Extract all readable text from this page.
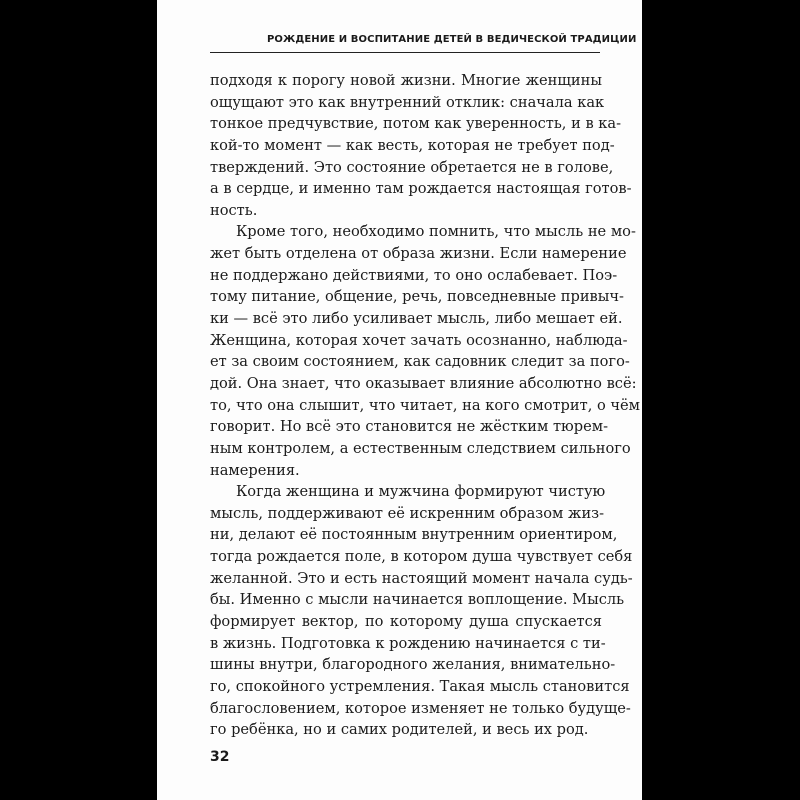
РОЖДЕНИЕ И ВОСПИТАНИЕ ДЕТЕЙ В ВЕДИЧЕСКОЙ ТРАДИЦИИ
подходя к порогу новой жизни. Многие женщины
ощущают это как внутренний отклик: сначала как
тонкое предчувствие, потом как уверенность, и в ка-
кой-то момент — как весть, которая не требует под-
тверждений. Это состояние обретается не в голове,
а в сердце, и именно там рождается настоящая готов-
ность.
Кроме того, необходимо помнить, что мысль не мо-
жет быть отделена от образа жизни. Если намерение
не поддержано действиями, то оно ослабевает. Поэ-
тому питание, общение, речь, повседневные привыч-
ки — всё это либо усиливает мысль, либо мешает ей.
Женщина, которая хочет зачать осознанно, наблюда-
ет за своим состоянием, как садовник следит за пого-
дой. Она знает, что оказывает влияние абсолютно всё:
то, что она слышит, что читает, на кого смотрит, о чём
говорит. Но всё это становится не жёстким тюрем-
ным контролем, а естественным следствием сильного
намерения.
Когда женщина и мужчина формируют чистую
мысль, поддерживают её искренним образом жиз-
ни, делают её постоянным внутренним ориентиром,
тогда рождается поле, в котором душа чувствует себя
желанной. Это и есть настоящий момент начала судь-
бы. Именно с мысли начинается воплощение. Мысль
формирует вектор, по которому душа спускается
в жизнь. Подготовка к рождению начинается с ти-
шины внутри, благородного желания, внимательно-
го, спокойного устремления. Такая мысль становится
благословением, которое изменяет не только будуще-
го ребёнка, но и самих родителей, и весь их род.
32
